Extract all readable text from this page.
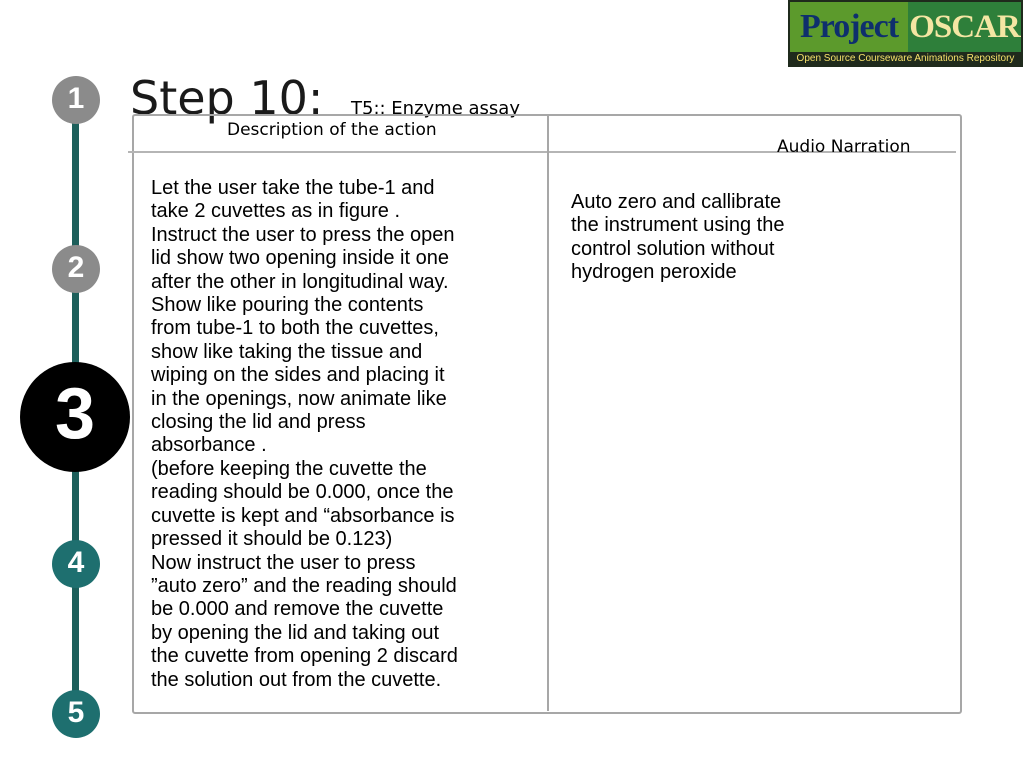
Project OSCAR
Open Source Courseware Animations Repository
1
2
3
4
5
Step 10: T5:: Enzyme assay
Description of the action
Audio Narration

Let the user take the tube-1 and

take 2 cuvettes as in figure .

Instruct the user to press the open

lid show two opening inside it one

after the other in longitudinal way.

Show like pouring the contents

from tube-1 to both the cuvettes,

show like taking the tissue and

wiping on the sides and placing it

in the openings, now animate like

closing the lid and press

absorbance .

(before keeping the cuvette the

reading should be 0.000, once the

cuvette is kept and “absorbance is

pressed it should be 0.123)

Now instruct the user to press

”auto zero” and the reading should

be 0.000 and remove the cuvette

by opening the lid and taking out

the cuvette from opening 2 discard

the solution out from the cuvette.

Auto zero and callibrate

the instrument using the

control solution without

hydrogen peroxide
